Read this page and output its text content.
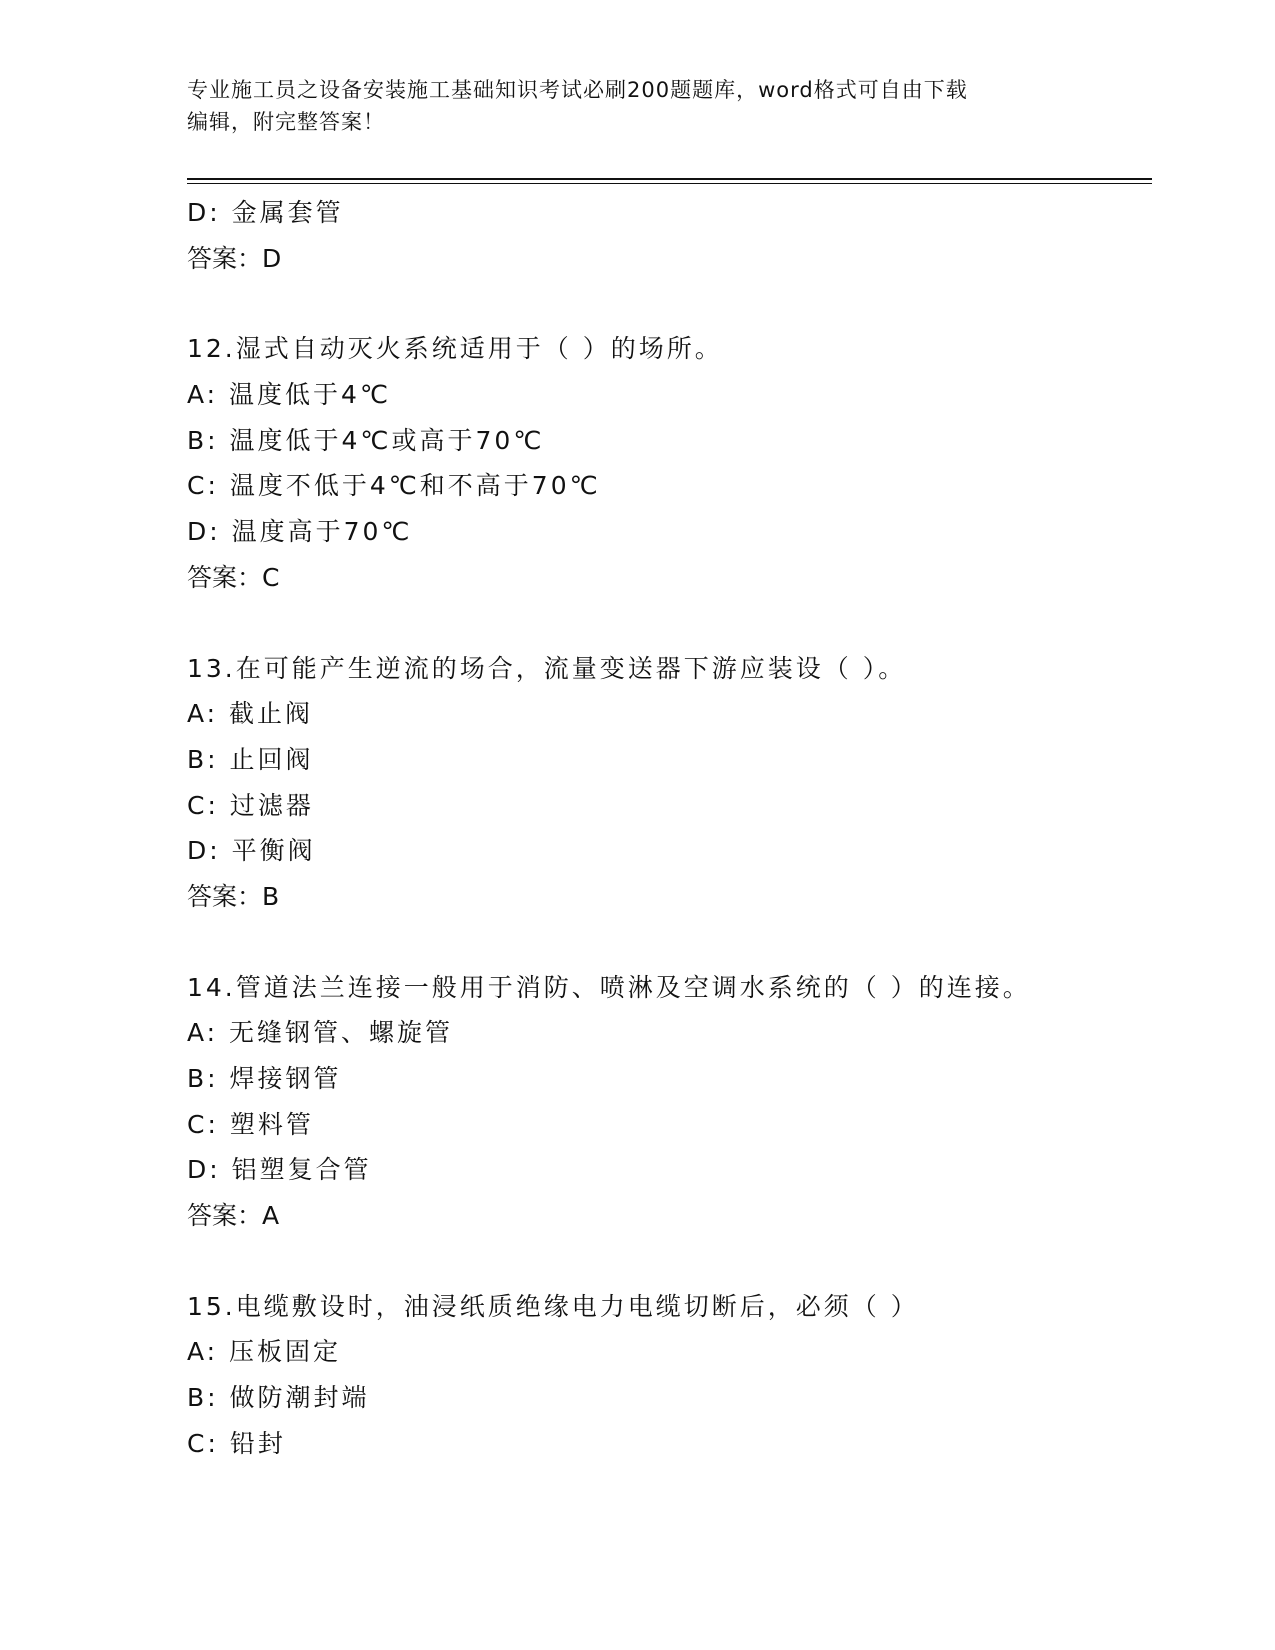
专业施工员之设备安装施工基础知识考试必刷200题题库，word格式可自由下载
编辑，附完整答案！
D: 金属套管
答案：D
12.湿式自动灭火系统适用于（ ）的场所。
A: 温度低于4℃
B: 温度低于4℃或高于70℃
C: 温度不低于4℃和不高于70℃
D: 温度高于70℃
答案：C
13.在可能产生逆流的场合，流量变送器下游应装设（ ）。
A: 截止阀
B: 止回阀
C: 过滤器
D: 平衡阀
答案：B
14.管道法兰连接一般用于消防、喷淋及空调水系统的（ ）的连接。
A: 无缝钢管、螺旋管
B: 焊接钢管
C: 塑料管
D: 铝塑复合管
答案：A
15.电缆敷设时，油浸纸质绝缘电力电缆切断后，必须（ ）
A: 压板固定
B: 做防潮封端
C: 铅封
